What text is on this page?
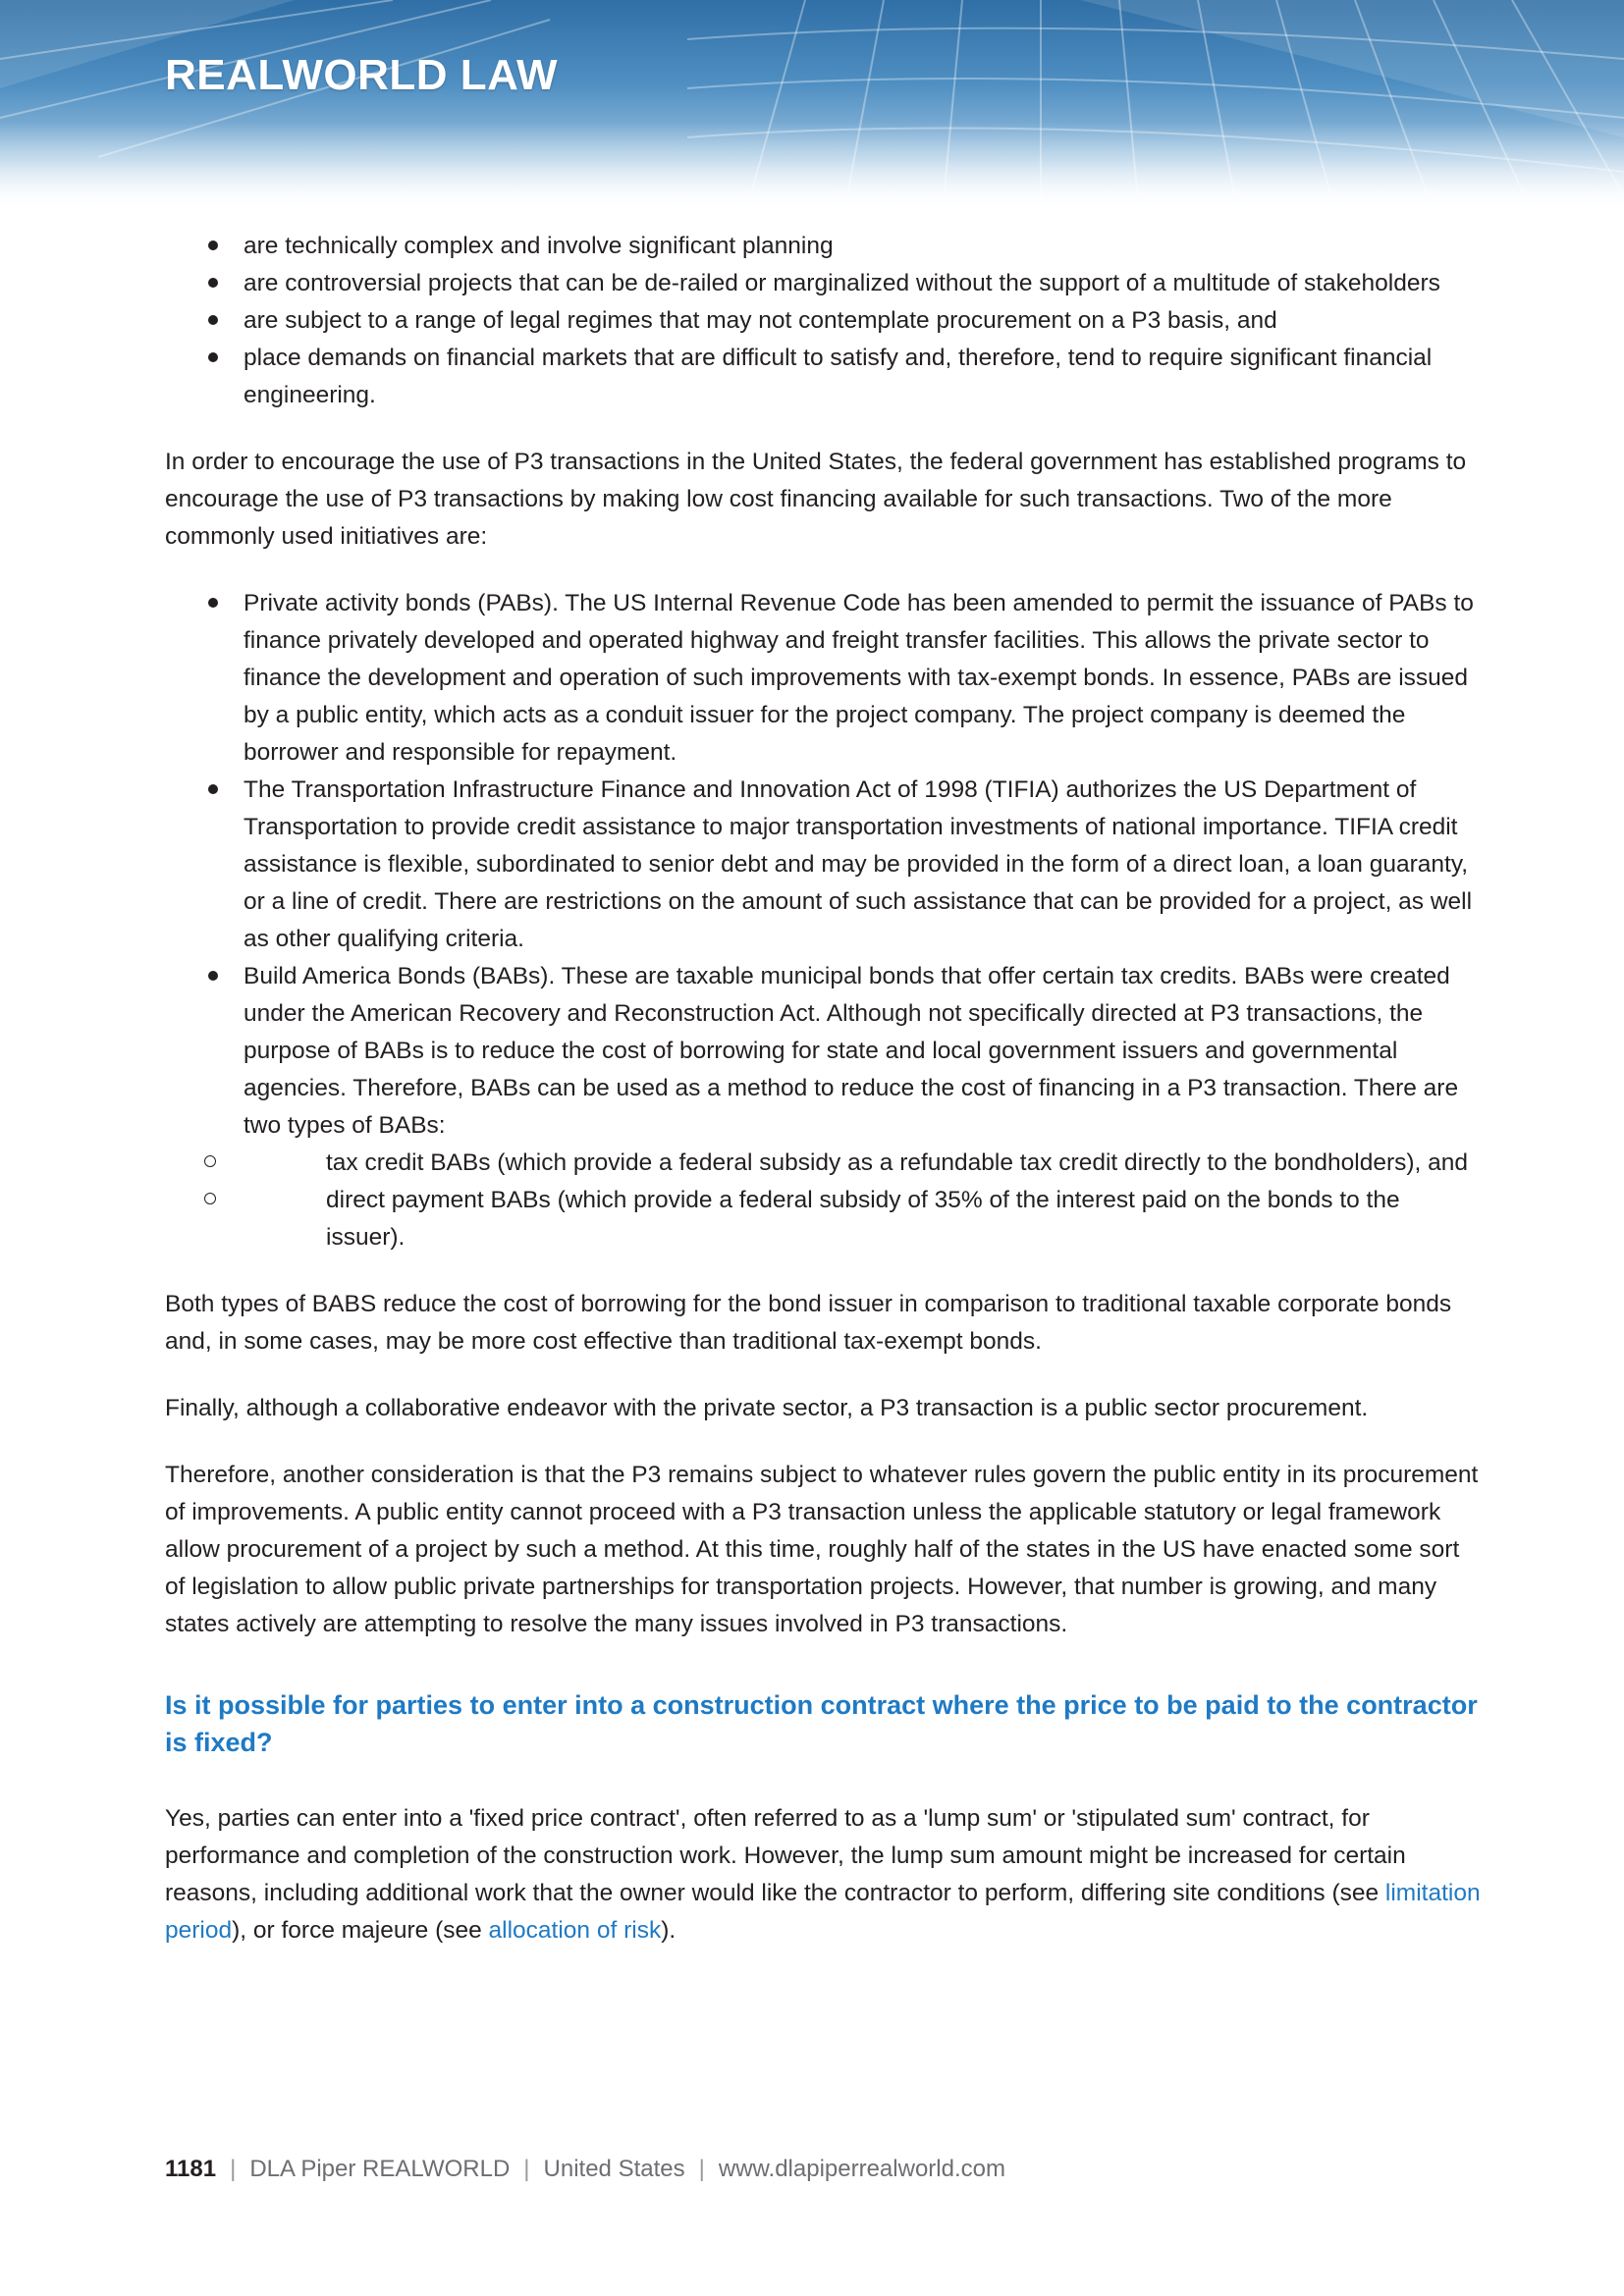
REALWORLD LAW
are technically complex and involve significant planning
are controversial projects that can be de-railed or marginalized without the support of a multitude of stakeholders
are subject to a range of legal regimes that may not contemplate procurement on a P3 basis, and
place demands on financial markets that are difficult to satisfy and, therefore, tend to require significant financial engineering.

In order to encourage the use of P3 transactions in the United States, the federal government has established programs to encourage the use of P3 transactions by making low cost financing available for such transactions. Two of the more commonly used initiatives are:

Private activity bonds (PABs). The US Internal Revenue Code has been amended to permit the issuance of PABs to finance privately developed and operated highway and freight transfer facilities. This allows the private sector to finance the development and operation of such improvements with tax-exempt bonds. In essence, PABs are issued by a public entity, which acts as a conduit issuer for the project company. The project company is deemed the borrower and responsible for repayment.
The Transportation Infrastructure Finance and Innovation Act of 1998 (TIFIA) authorizes the US Department of Transportation to provide credit assistance to major transportation investments of national importance. TIFIA credit assistance is flexible, subordinated to senior debt and may be provided in the form of a direct loan, a loan guaranty, or a line of credit. There are restrictions on the amount of such assistance that can be provided for a project, as well as other qualifying criteria.
Build America Bonds (BABs). These are taxable municipal bonds that offer certain tax credits. BABs were created under the American Recovery and Reconstruction Act. Although not specifically directed at P3 transactions, the purpose of BABs is to reduce the cost of borrowing for state and local government issuers and governmental agencies. Therefore, BABs can be used as a method to reduce the cost of financing in a P3 transaction. There are two types of BABs:
tax credit BABs (which provide a federal subsidy as a refundable tax credit directly to the bondholders), and
direct payment BABs (which provide a federal subsidy of 35% of the interest paid on the bonds to the issuer).

Both types of BABS reduce the cost of borrowing for the bond issuer in comparison to traditional taxable corporate bonds and, in some cases, may be more cost effective than traditional tax-exempt bonds.

Finally, although a collaborative endeavor with the private sector, a P3 transaction is a public sector procurement.

Therefore, another consideration is that the P3 remains subject to whatever rules govern the public entity in its procurement of improvements. A public entity cannot proceed with a P3 transaction unless the applicable statutory or legal framework allow procurement of a project by such a method. At this time, roughly half of the states in the US have enacted some sort of legislation to allow public private partnerships for transportation projects. However, that number is growing, and many states actively are attempting to resolve the many issues involved in P3 transactions.

Is it possible for parties to enter into a construction contract where the price to be paid to the contractor is fixed?

Yes, parties can enter into a 'fixed price contract', often referred to as a 'lump sum' or 'stipulated sum' contract, for performance and completion of the construction work. However, the lump sum amount might be increased for certain reasons, including additional work that the owner would like the contractor to perform, differing site conditions (see limitation period), or force majeure (see allocation of risk).

1181 | DLA Piper REALWORLD | United States | www.dlapiperrealworld.com
